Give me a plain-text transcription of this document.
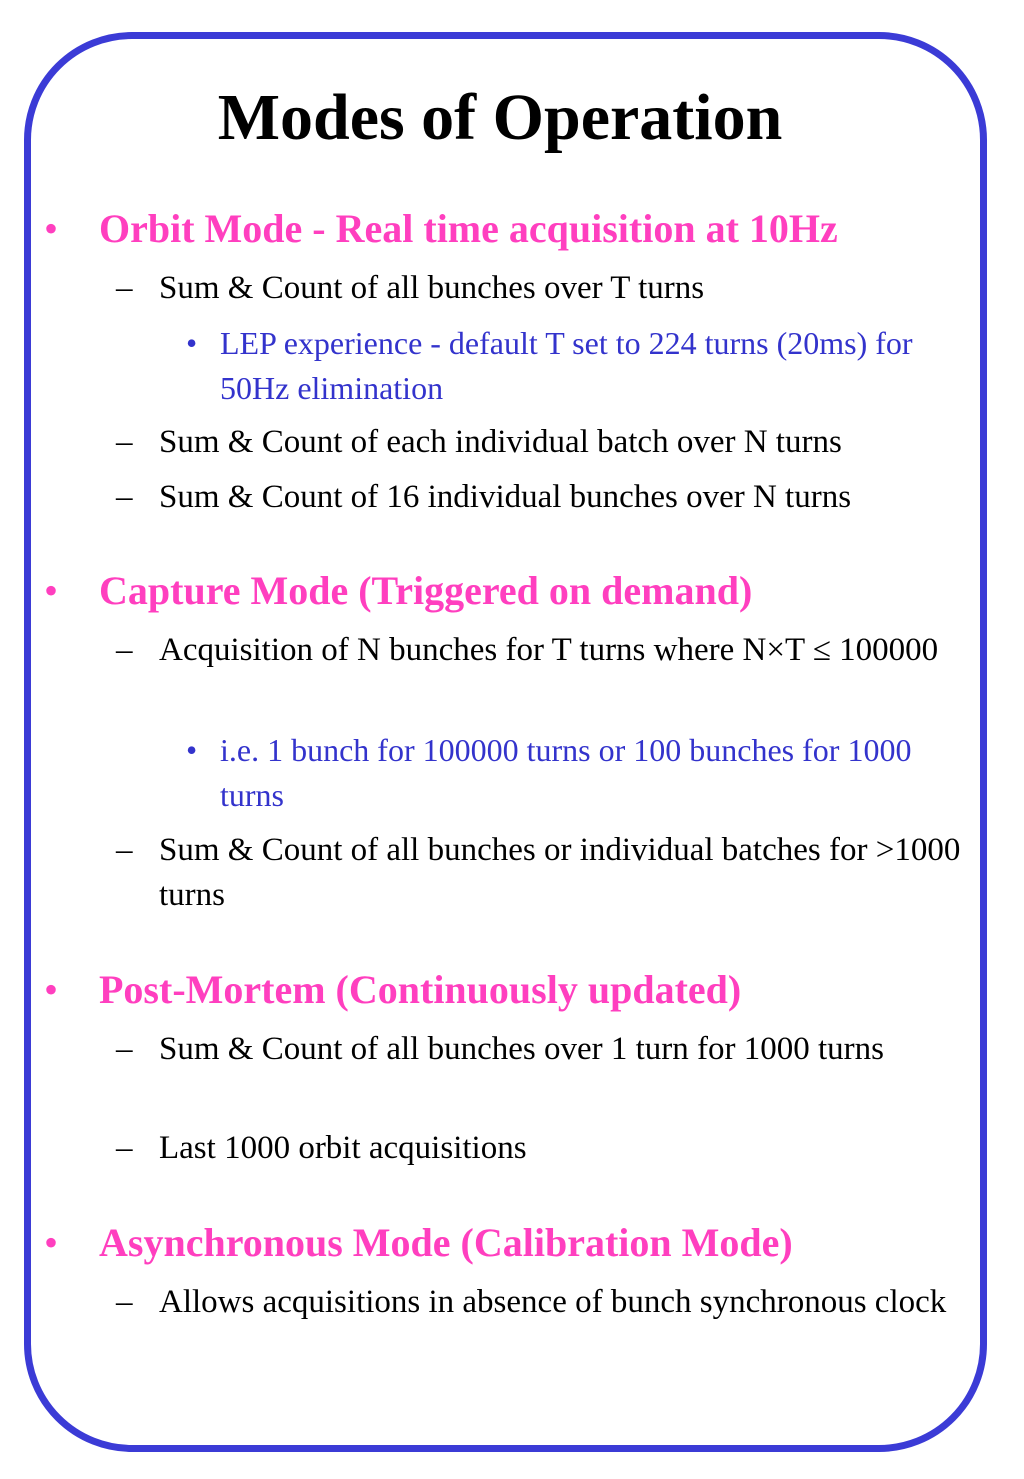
Modes of Operation
• Orbit Mode - Real time acquisition at 10Hz
– Sum & Count of all bunches over T turns
• LEP experience - default T set to 224 turns (20ms) for 50Hz elimination
– Sum & Count of each individual batch over N turns
– Sum & Count of 16 individual bunches over N turns
• Capture Mode (Triggered on demand)
– Acquisition of N bunches for T turns where N×T ≤ 100000
• i.e. 1 bunch for 100000 turns or 100 bunches for 1000 turns
– Sum & Count of all bunches or individual batches for >1000 turns
• Post-Mortem (Continuously updated)
– Sum & Count of all bunches over 1 turn for 1000 turns
– Last 1000 orbit acquisitions
• Asynchronous Mode (Calibration Mode)
– Allows acquisitions in absence of bunch synchronous clock
